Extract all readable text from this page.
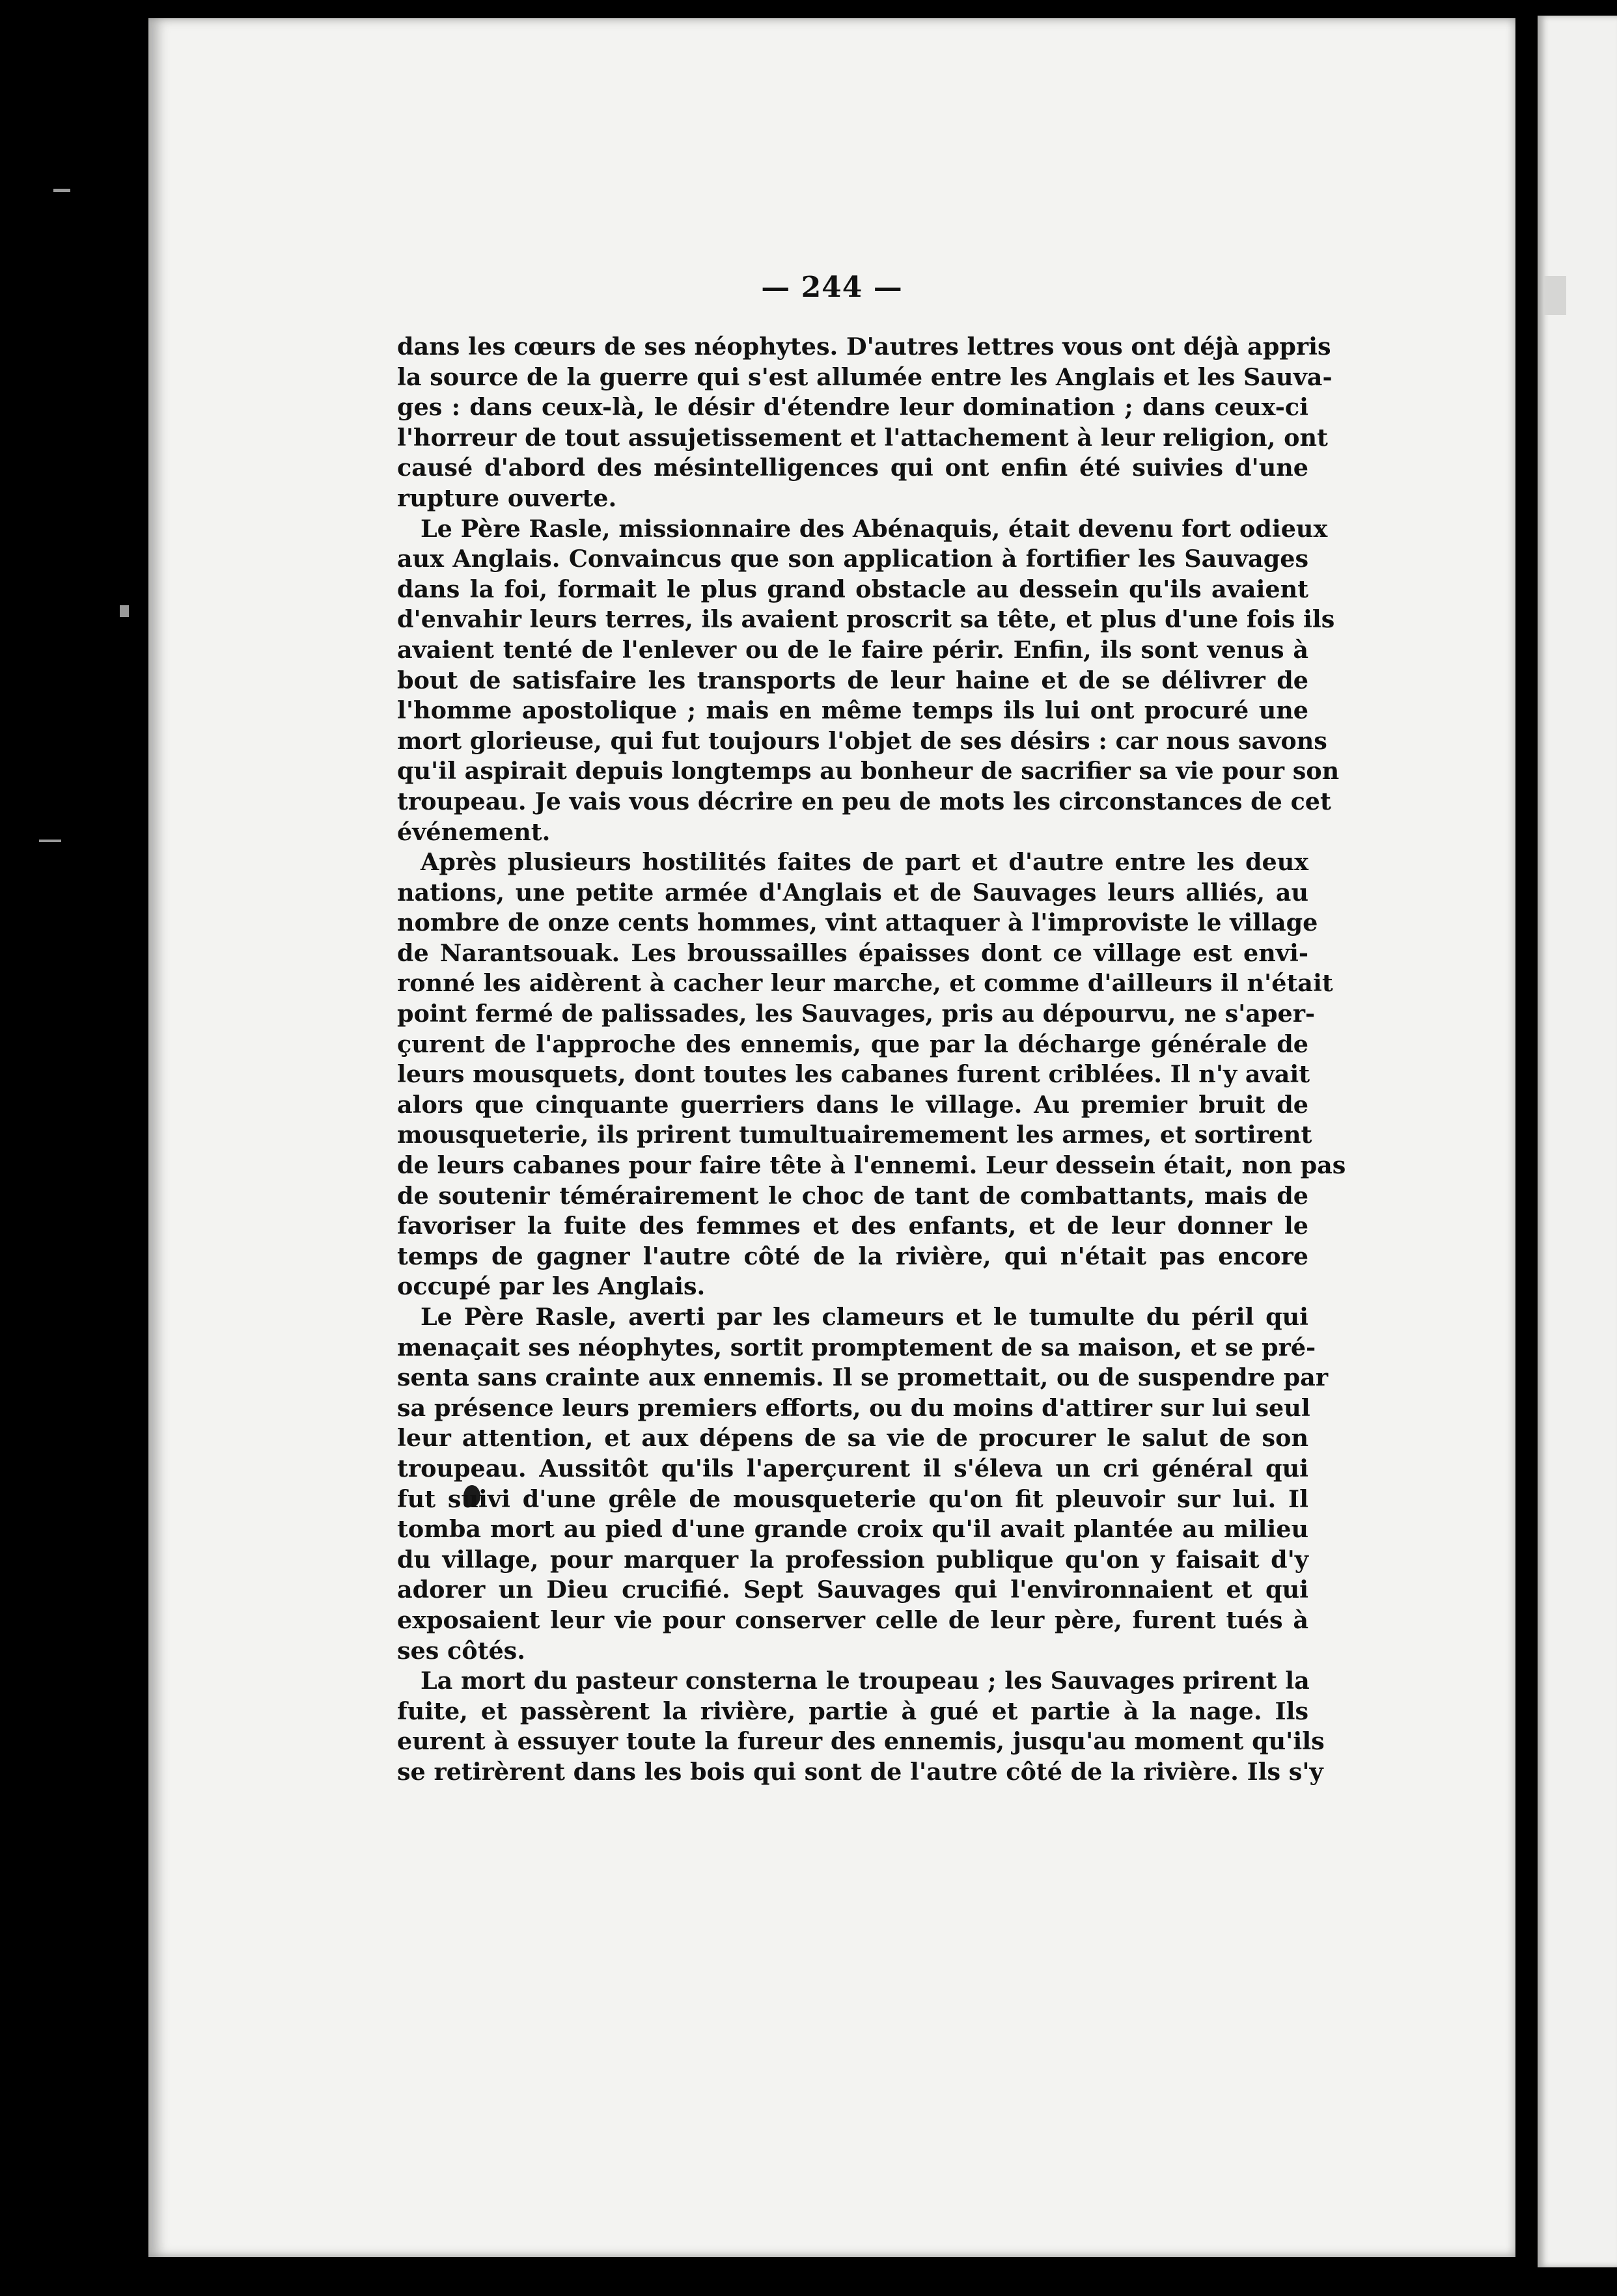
— 244 —
dans les cœurs de ses néophytes. D'autres lettres vous ont déjà appris
la source de la guerre qui s'est allumée entre les Anglais et les Sauva-
ges : dans ceux-là, le désir d'étendre leur domination ; dans ceux-ci
l'horreur de tout assujetissement et l'attachement à leur religion, ont
causé d'abord des mésintelligences qui ont enfin été suivies d'une
rupture ouverte.
Le Père Rasle, missionnaire des Abénaquis, était devenu fort odieux
aux Anglais. Convaincus que son application à fortifier les Sauvages
dans la foi, formait le plus grand obstacle au dessein qu'ils avaient
d'envahir leurs terres, ils avaient proscrit sa tête, et plus d'une fois ils
avaient tenté de l'enlever ou de le faire périr. Enfin, ils sont venus à
bout de satisfaire les transports de leur haine et de se délivrer de
l'homme apostolique ; mais en même temps ils lui ont procuré une
mort glorieuse, qui fut toujours l'objet de ses désirs : car nous savons
qu'il aspirait depuis longtemps au bonheur de sacrifier sa vie pour son
troupeau. Je vais vous décrire en peu de mots les circonstances de cet
événement.
Après plusieurs hostilités faites de part et d'autre entre les deux
nations, une petite armée d'Anglais et de Sauvages leurs alliés, au
nombre de onze cents hommes, vint attaquer à l'improviste le village
de Narantsouak. Les broussailles épaisses dont ce village est envi-
ronné les aidèrent à cacher leur marche, et comme d'ailleurs il n'était
point fermé de palissades, les Sauvages, pris au dépourvu, ne s'aper-
çurent de l'approche des ennemis, que par la décharge générale de
leurs mousquets, dont toutes les cabanes furent criblées. Il n'y avait
alors que cinquante guerriers dans le village. Au premier bruit de
mousqueterie, ils prirent tumultuairemement les armes, et sortirent
de leurs cabanes pour faire tête à l'ennemi. Leur dessein était, non pas
de soutenir témérairement le choc de tant de combattants, mais de
favoriser la fuite des femmes et des enfants, et de leur donner le
temps de gagner l'autre côté de la rivière, qui n'était pas encore
occupé par les Anglais.
Le Père Rasle, averti par les clameurs et le tumulte du péril qui
menaçait ses néophytes, sortit promptement de sa maison, et se pré-
senta sans crainte aux ennemis. Il se promettait, ou de suspendre par
sa présence leurs premiers efforts, ou du moins d'attirer sur lui seul
leur attention, et aux dépens de sa vie de procurer le salut de son
troupeau. Aussitôt qu'ils l'aperçurent il s'éleva un cri général qui
fut suivi d'une grêle de mousqueterie qu'on fit pleuvoir sur lui. Il
tomba mort au pied d'une grande croix qu'il avait plantée au milieu
du village, pour marquer la profession publique qu'on y faisait d'y
adorer un Dieu crucifié. Sept Sauvages qui l'environnaient et qui
exposaient leur vie pour conserver celle de leur père, furent tués à
ses côtés.
La mort du pasteur consterna le troupeau ; les Sauvages prirent la
fuite, et passèrent la rivière, partie à gué et partie à la nage. Ils
eurent à essuyer toute la fureur des ennemis, jusqu'au moment qu'ils
se retirèrent dans les bois qui sont de l'autre côté de la rivière. Ils s'y
